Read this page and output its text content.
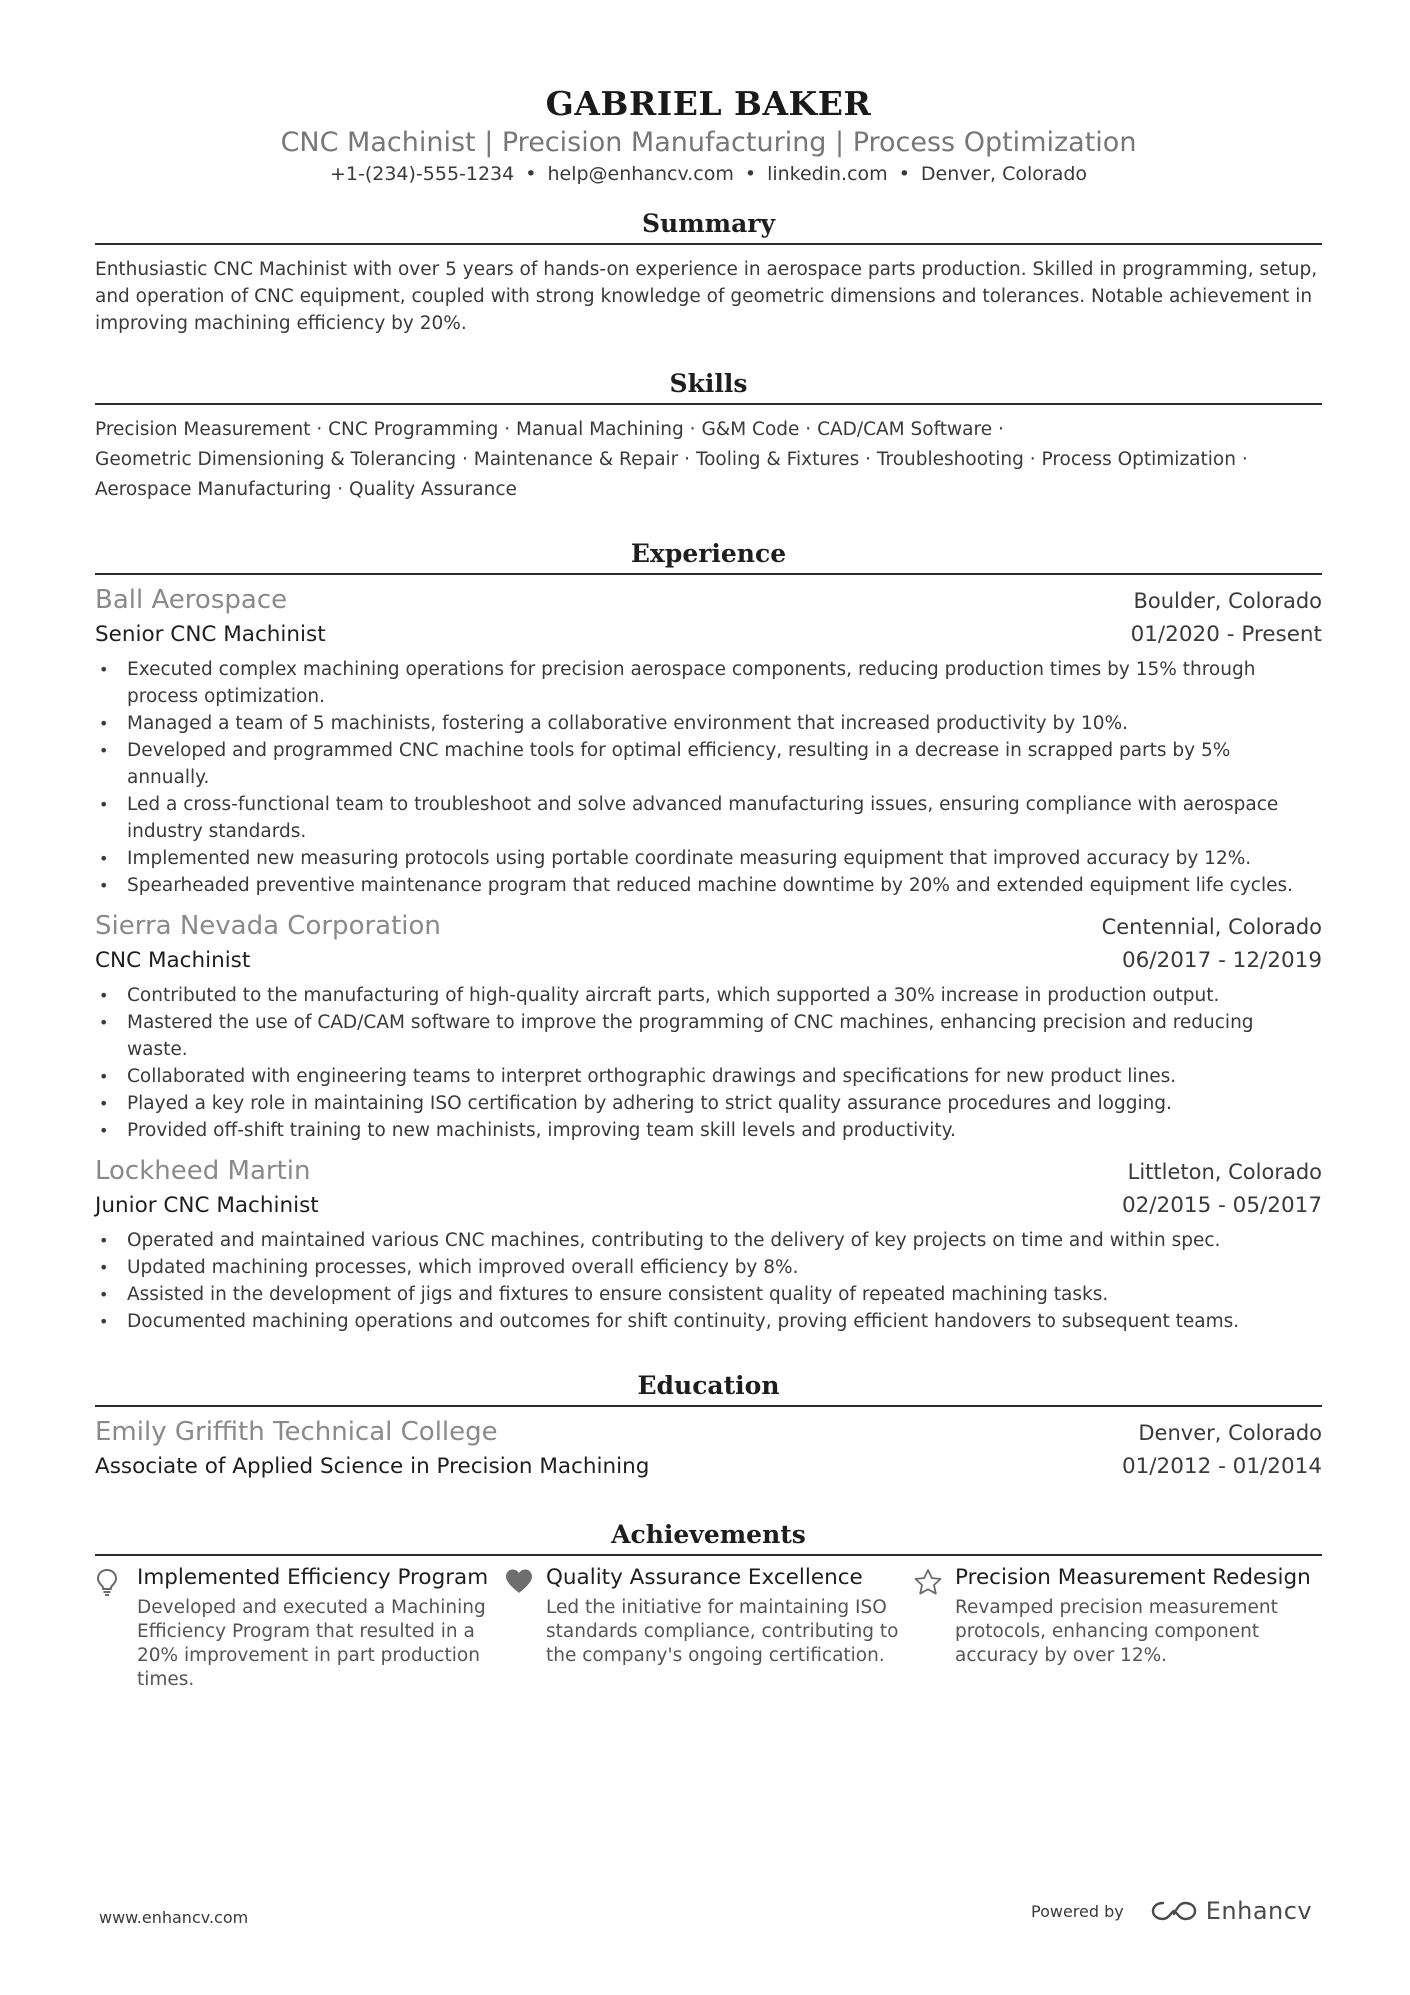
GABRIEL BAKER
CNC Machinist | Precision Manufacturing | Process Optimization
+1-(234)-555-1234 • help@enhancv.com • linkedin.com • Denver, Colorado
Summary
Enthusiastic CNC Machinist with over 5 years of hands-on experience in aerospace parts production. Skilled in programming, setup, and operation of CNC equipment, coupled with strong knowledge of geometric dimensions and tolerances. Notable achievement in improving machining efficiency by 20%.
Skills
Precision Measurement · CNC Programming · Manual Machining · G&M Code · CAD/CAM Software ·
Geometric Dimensioning & Tolerancing · Maintenance & Repair · Tooling & Fixtures · Troubleshooting · Process Optimization ·
Aerospace Manufacturing · Quality Assurance
Experience
Ball Aerospace	Boulder, Colorado
Senior CNC Machinist	01/2020 - Present
• Executed complex machining operations for precision aerospace components, reducing production times by 15% through process optimization.
• Managed a team of 5 machinists, fostering a collaborative environment that increased productivity by 10%.
• Developed and programmed CNC machine tools for optimal efficiency, resulting in a decrease in scrapped parts by 5% annually.
• Led a cross-functional team to troubleshoot and solve advanced manufacturing issues, ensuring compliance with aerospace industry standards.
• Implemented new measuring protocols using portable coordinate measuring equipment that improved accuracy by 12%.
• Spearheaded preventive maintenance program that reduced machine downtime by 20% and extended equipment life cycles.
Sierra Nevada Corporation	Centennial, Colorado
CNC Machinist	06/2017 - 12/2019
• Contributed to the manufacturing of high-quality aircraft parts, which supported a 30% increase in production output.
• Mastered the use of CAD/CAM software to improve the programming of CNC machines, enhancing precision and reducing waste.
• Collaborated with engineering teams to interpret orthographic drawings and specifications for new product lines.
• Played a key role in maintaining ISO certification by adhering to strict quality assurance procedures and logging.
• Provided off-shift training to new machinists, improving team skill levels and productivity.
Lockheed Martin	Littleton, Colorado
Junior CNC Machinist	02/2015 - 05/2017
• Operated and maintained various CNC machines, contributing to the delivery of key projects on time and within spec.
• Updated machining processes, which improved overall efficiency by 8%.
• Assisted in the development of jigs and fixtures to ensure consistent quality of repeated machining tasks.
• Documented machining operations and outcomes for shift continuity, proving efficient handovers to subsequent teams.
Education
Emily Griffith Technical College	Denver, Colorado
Associate of Applied Science in Precision Machining	01/2012 - 01/2014
Achievements
Implemented Efficiency Program
Developed and executed a Machining Efficiency Program that resulted in a 20% improvement in part production times.
Quality Assurance Excellence
Led the initiative for maintaining ISO standards compliance, contributing to the company's ongoing certification.
Precision Measurement Redesign
Revamped precision measurement protocols, enhancing component accuracy by over 12%.
www.enhancv.com	Powered by	Enhancv
